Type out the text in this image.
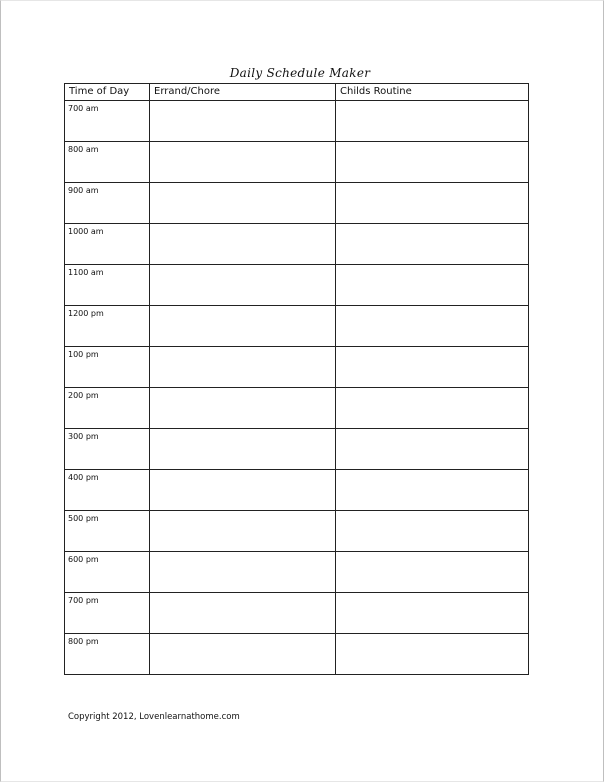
Daily Schedule Maker
Time of Day	Errand/Chore	Childs Routine

700 am		

800 am		

900 am		

1000 am		

1100 am		

1200 pm		

100 pm		

200 pm		

300 pm		

400 pm		

500 pm		

600 pm		

700 pm		

800 pm		

Copyright 2012, Lovenlearnathome.com
